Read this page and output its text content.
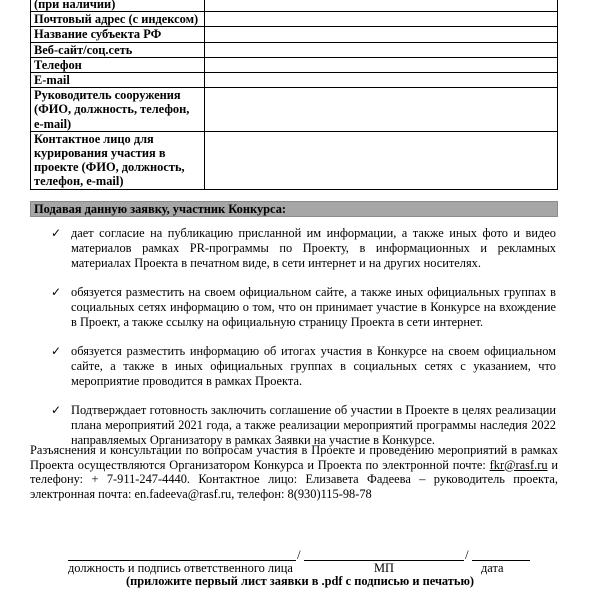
(при наличии)	
Почтовый адрес (с индексом)	
Название субъекта РФ	
Веб-сайт/соц.сеть	
Телефон	
E-mail	
Руководитель сооружения (ФИО, должность, телефон, e-mail)	
Контактное лицо для курирования участия в проекте (ФИО, должность, телефон, e-mail)	
Подавая данную заявку, участник Конкурса:
✓ дает согласие на публикацию присланной им информации, а также иных фото и видео материалов рамках PR-программы по Проекту, в информационных и рекламных материалах Проекта в печатном виде, в сети интернет и на других носителях.
✓ обязуется разместить на своем официальном сайте, а также иных официальных группах в социальных сетях информацию о том, что он принимает участие в Конкурсе на вхождение в Проект, а также ссылку на официальную страницу Проекта в сети интернет.
✓ обязуется разместить информацию об итогах участия в Конкурсе на своем официальном сайте, а также в иных официальных группах в социальных сетях с указанием, что мероприятие проводится в рамках Проекта.
✓ Подтверждает готовность заключить соглашение об участии в Проекте в целях реализации плана мероприятий 2021 года, а также реализации мероприятий программы наследия 2022 направляемых Организатору в рамках Заявки на участие в Конкурсе.
Разъяснения и консультации по вопросам участия в Проекте и проведению мероприятий в рамках Проекта осуществляются Организатором Конкурса и Проекта по электронной почте: fkr@rasf.ru и телефону: + 7-911-247-4440. Контактное лицо: Елизавета Фадеева – руководитель проекта, электронная почта: en.fadeeva@rasf.ru, телефон: 8(930)115-98-78
/	/
должность и подпись ответственного лица	МП	дата
(приложите первый лист заявки в .pdf с подписью и печатью)
